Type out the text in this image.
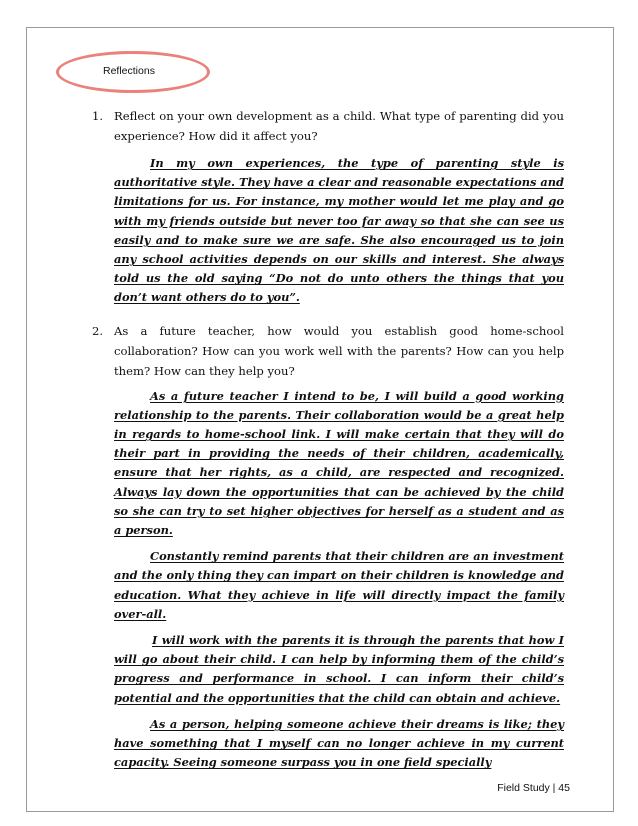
Reflections

1. Reflect on your own development as a child. What type of parenting did you experience? How did it affect you?

In my own experiences, the type of parenting style is authoritative style. They have a clear and reasonable expectations and limitations for us. For instance, my mother would let me play and go with my friends outside but never too far away so that she can see us easily and to make sure we are safe. She also encouraged us to join any school activities depends on our skills and interest. She always told us the old saying “Do not do unto others the things that you don’t want others do to you”.

2. As a future teacher, how would you establish good home-school collaboration? How can you work well with the parents? How can you help them? How can they help you?

As a future teacher I intend to be, I will build a good working relationship to the parents. Their collaboration would be a great help in regards to home-school link. I will make certain that they will do their part in providing the needs of their children, academically, ensure that her rights, as a child, are respected and recognized. Always lay down the opportunities that can be achieved by the child so she can try to set higher objectives for herself as a student and as a person.

Constantly remind parents that their children are an investment and the only thing they can impart on their children is knowledge and education. What they achieve in life will directly impact the family over-all.

I will work with the parents it is through the parents that how I will go about their child. I can help by informing them of the child’s progress and performance in school. I can inform their child’s potential and the opportunities that the child can obtain and achieve.

As a person, helping someone achieve their dreams is like; they have something that I myself can no longer achieve in my current capacity. Seeing someone surpass you in one field specially

Field Study | 45
